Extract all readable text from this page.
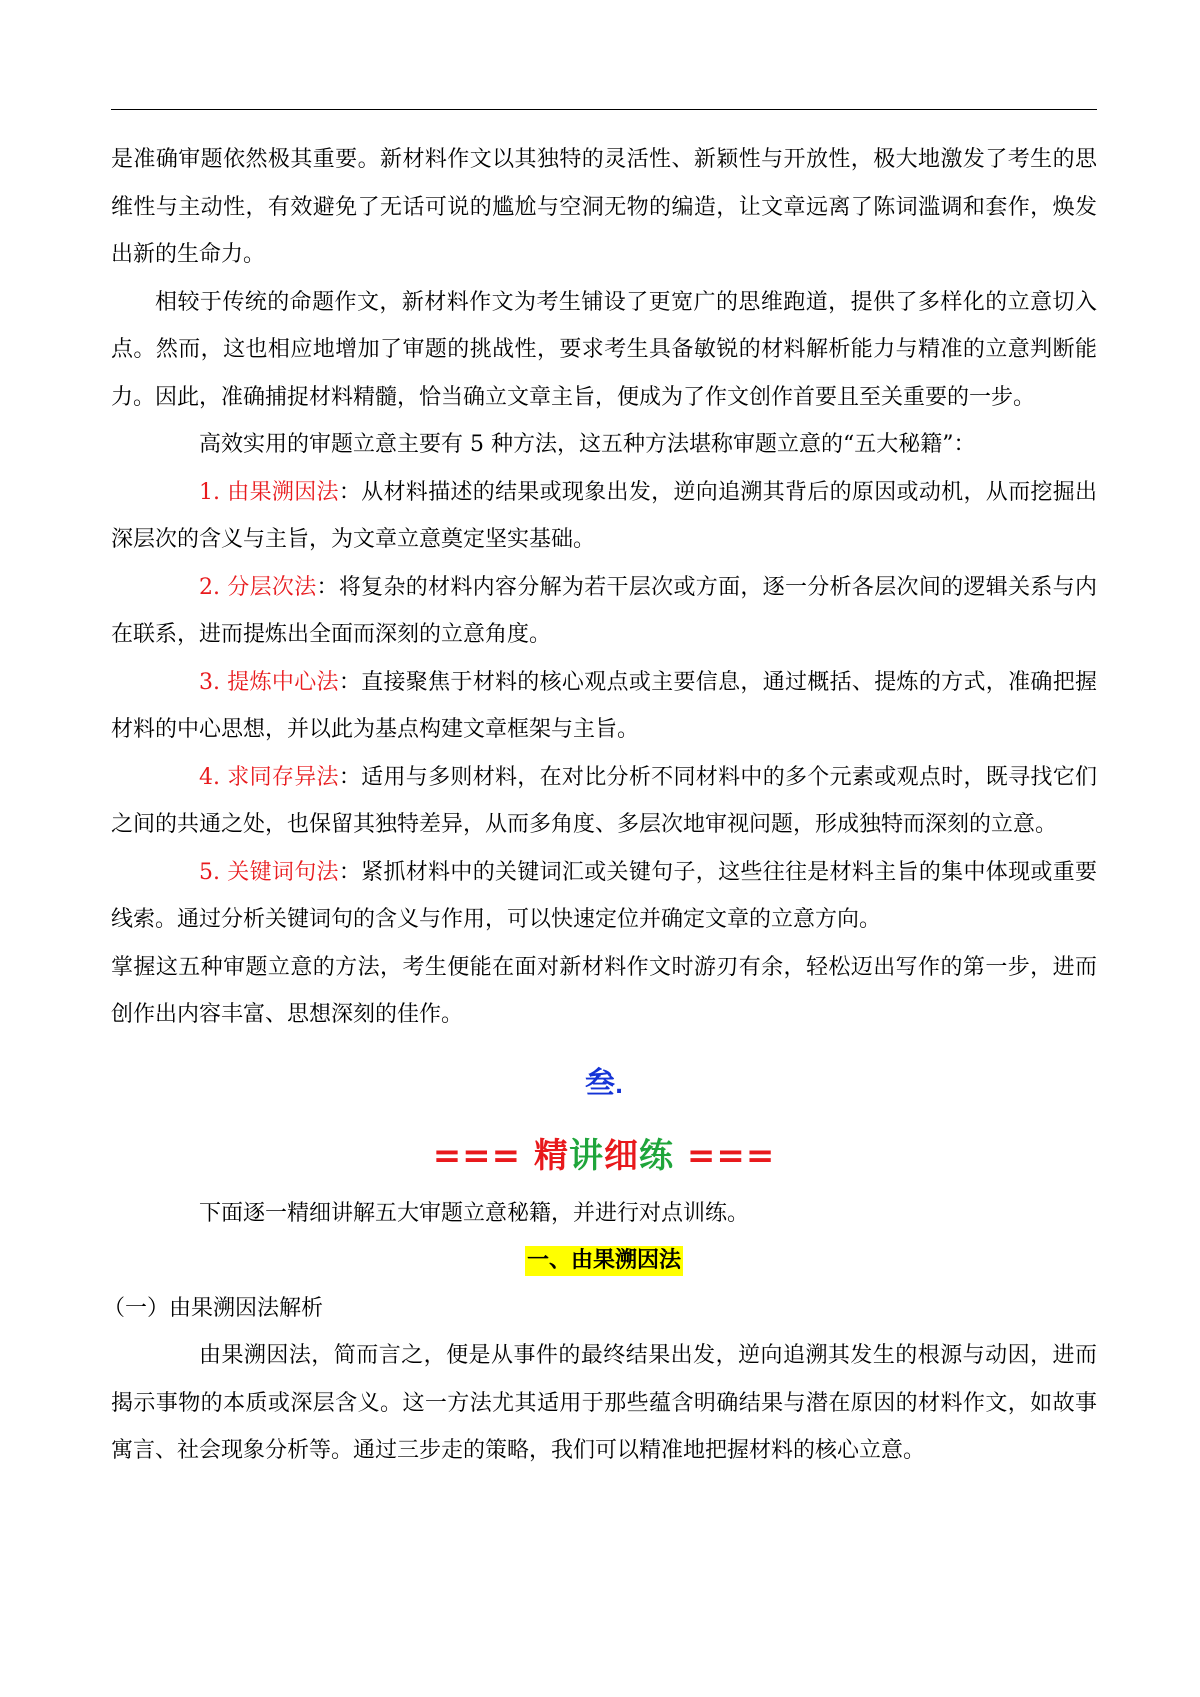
是准确审题依然极其重要。新材料作文以其独特的灵活性、新颖性与开放性，极大地激发了考生的思维性与主动性，有效避免了无话可说的尴尬与空洞无物的编造，让文章远离了陈词滥调和套作，焕发出新的生命力。

相较于传统的命题作文，新材料作文为考生铺设了更宽广的思维跑道，提供了多样化的立意切入点。然而，这也相应地增加了审题的挑战性，要求考生具备敏锐的材料解析能力与精准的立意判断能力。因此，准确捕捉材料精髓，恰当确立文章主旨，便成为了作文创作首要且至关重要的一步。

高效实用的审题立意主要有 5 种方法，这五种方法堪称审题立意的“五大秘籍”：

1. 由果溯因法：从材料描述的结果或现象出发，逆向追溯其背后的原因或动机，从而挖掘出深层次的含义与主旨，为文章立意奠定坚实基础。

2. 分层次法：将复杂的材料内容分解为若干层次或方面，逐一分析各层次间的逻辑关系与内在联系，进而提炼出全面而深刻的立意角度。

3. 提炼中心法：直接聚焦于材料的核心观点或主要信息，通过概括、提炼的方式，准确把握材料的中心思想，并以此为基点构建文章框架与主旨。

4. 求同存异法：适用与多则材料，在对比分析不同材料中的多个元素或观点时，既寻找它们之间的共通之处，也保留其独特差异，从而多角度、多层次地审视问题，形成独特而深刻的立意。

5. 关键词句法：紧抓材料中的关键词汇或关键句子，这些往往是材料主旨的集中体现或重要线索。通过分析关键词句的含义与作用，可以快速定位并确定文章的立意方向。

掌握这五种审题立意的方法，考生便能在面对新材料作文时游刃有余，轻松迈出写作的第一步，进而创作出内容丰富、思想深刻的佳作。

叁.
=== 精讲细练 ===

下面逐一精细讲解五大审题立意秘籍，并进行对点训练。

一、由果溯因法

（一）由果溯因法解析

由果溯因法，简而言之，便是从事件的最终结果出发，逆向追溯其发生的根源与动因，进而揭示事物的本质或深层含义。这一方法尤其适用于那些蕴含明确结果与潜在原因的材料作文，如故事寓言、社会现象分析等。通过三步走的策略，我们可以精准地把握材料的核心立意。
